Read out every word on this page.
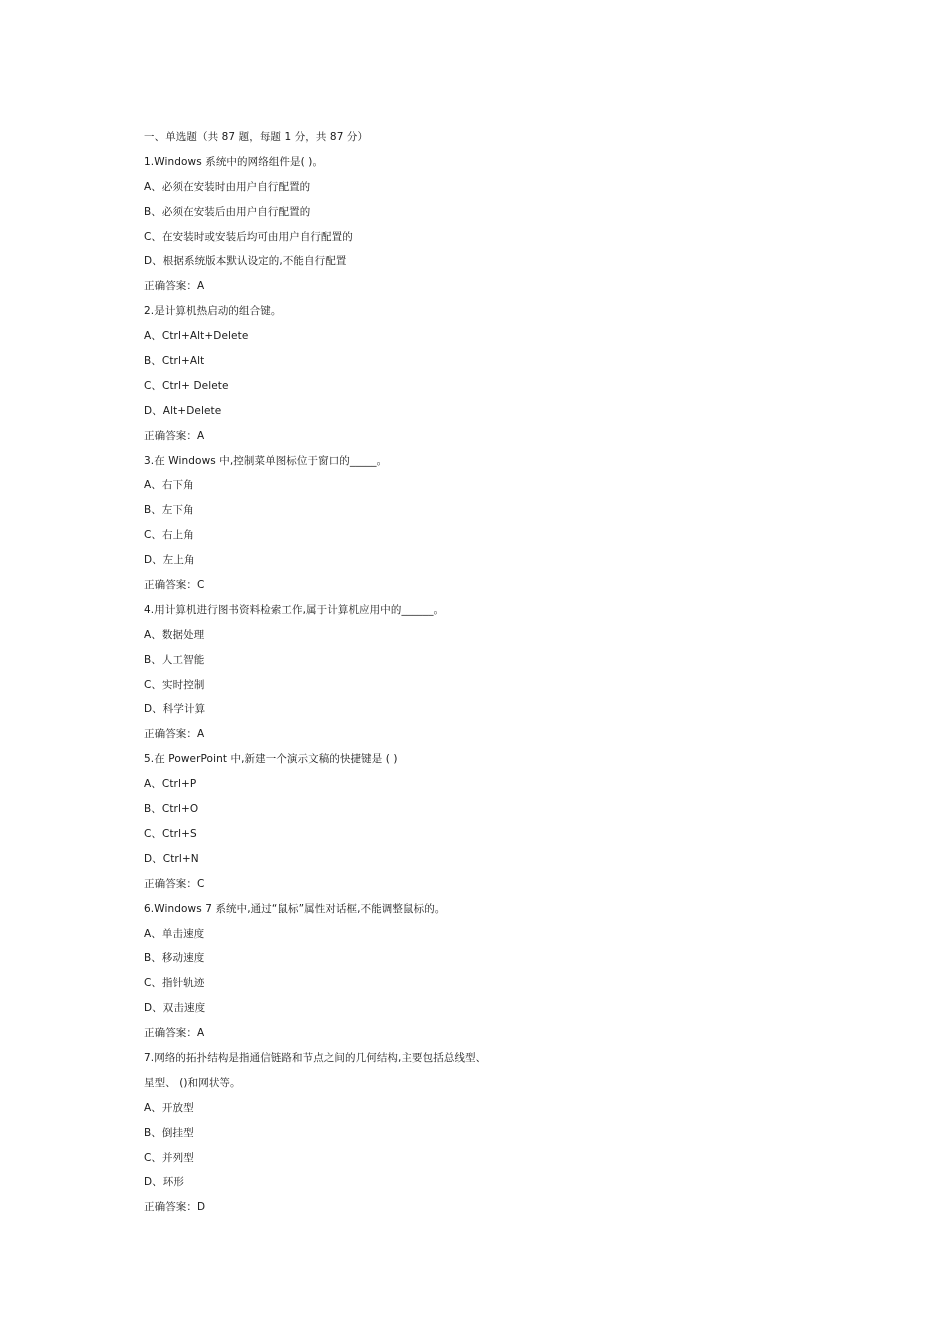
一、单选题（共 87 题，每题 1 分，共 87 分）
1.Windows 系统中的网络组件是( )。
A、必须在安装时由用户自行配置的
B、必须在安装后由用户自行配置的
C、在安装时或安装后均可由用户自行配置的
D、根据系统版本默认设定的,不能自行配置
正确答案：A
2.是计算机热启动的组合键。
A、Ctrl+Alt+Delete
B、Ctrl+Alt
C、Ctrl+ Delete
D、Alt+Delete
正确答案：A
3.在 Windows 中,控制菜单图标位于窗口的_____。
A、右下角
B、左下角
C、右上角
D、左上角
正确答案：C
4.用计算机进行图书资料检索工作,属于计算机应用中的______。
A、数据处理
B、人工智能
C、实时控制
D、科学计算
正确答案：A
5.在 PowerPoint 中,新建一个演示文稿的快捷键是 ( )
A、Ctrl+P
B、Ctrl+O
C、Ctrl+S
D、Ctrl+N
正确答案：C
6.Windows 7 系统中,通过“鼠标”属性对话框,不能调整鼠标的。
A、单击速度
B、移动速度
C、指针轨迹
D、双击速度
正确答案：A
7.网络的拓扑结构是指通信链路和节点之间的几何结构,主要包括总线型、
星型、 ()和网状等。
A、开放型
B、倒挂型
C、并列型
D、环形
正确答案：D
